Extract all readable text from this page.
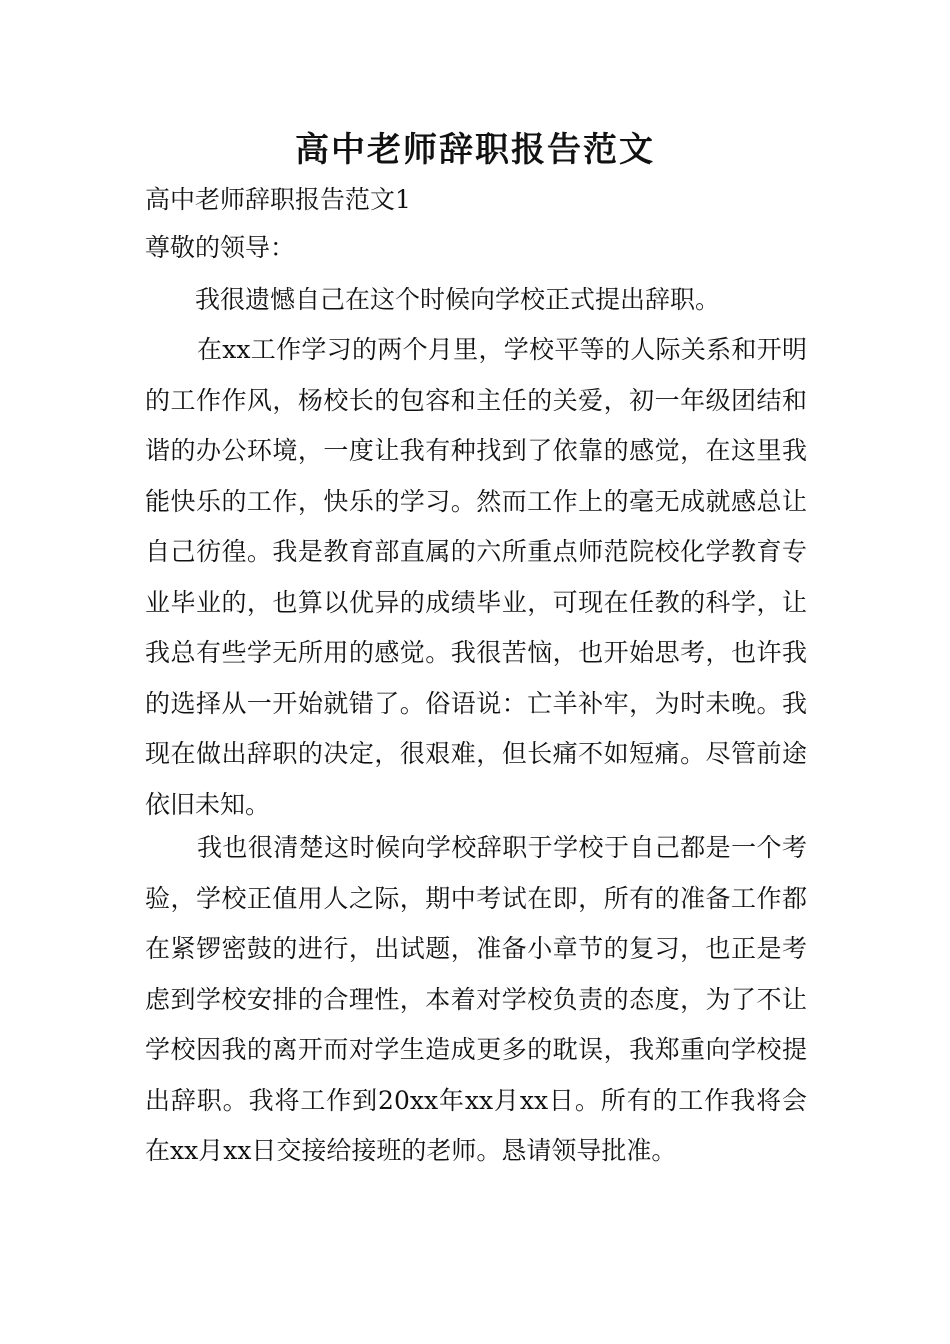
高中老师辞职报告范文
高中老师辞职报告范文1
尊敬的领导：
我很遗憾自己在这个时候向学校正式提出辞职。
在xx工作学习的两个月里，学校平等的人际关系和开明的工作作风，杨校长的包容和主任的关爱，初一年级团结和谐的办公环境，一度让我有种找到了依靠的感觉，在这里我能快乐的工作，快乐的学习。然而工作上的毫无成就感总让自己彷徨。我是教育部直属的六所重点师范院校化学教育专业毕业的，也算以优异的成绩毕业，可现在任教的科学，让我总有些学无所用的感觉。我很苦恼，也开始思考，也许我的选择从一开始就错了。俗语说：亡羊补牢，为时未晚。我现在做出辞职的决定，很艰难，但长痛不如短痛。尽管前途依旧未知。
我也很清楚这时候向学校辞职于学校于自己都是一个考验，学校正值用人之际，期中考试在即，所有的准备工作都在紧锣密鼓的进行，出试题，准备小章节的复习，也正是考虑到学校安排的合理性，本着对学校负责的态度，为了不让学校因我的离开而对学生造成更多的耽误，我郑重向学校提出辞职。我将工作到20xx年xx月xx日。所有的工作我将会在xx月xx日交接给接班的老师。恳请领导批准。
